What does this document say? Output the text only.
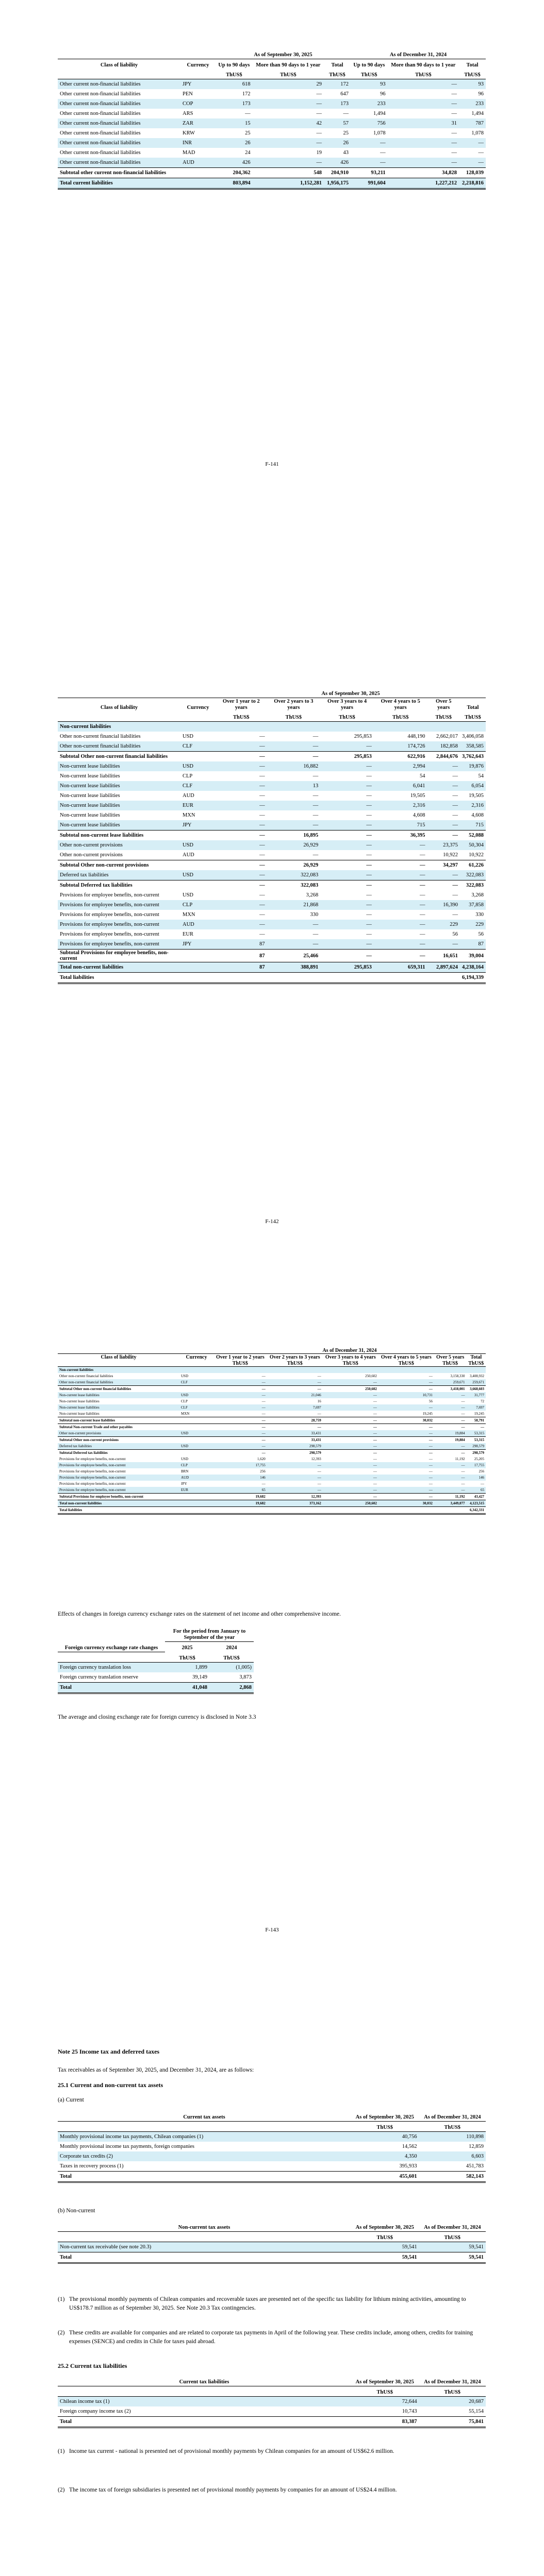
		As of September 30, 2025			As of December 31, 2024		
Class of liability	Currency	Up to 90 days	More than 90 days to 1 year	Total	Up to 90 days	More than 90 days to 1 year	Total
		ThUS$	ThUS$	ThUS$	ThUS$	ThUS$	ThUS$
Other current non-financial liabilities	JPY	618	29	172	93	—	93
Other current non-financial liabilities	PEN	172	—	647	96	—	96
Other current non-financial liabilities	COP	173	—	173	233	—	233
Other current non-financial liabilities	ARS	—	—	—	1,494	—	1,494
Other current non-financial liabilities	ZAR	15	42	57	756	31	787
Other current non-financial liabilities	KRW	25	—	25	1,078	—	1,078
Other current non-financial liabilities	INR	26	—	26	—	—	—
Other current non-financial liabilities	MAD	24	19	43	—	—	—
Other current non-financial liabilities	AUD	426	—	426	—	—	—
Subtotal other current non-financial liabilities		204,362	548	204,910	93,211	34,828	128,039
Total current liabilities		803,894	1,152,281	1,956,175	991,604	1,227,212	2,218,816
F-141
		As of September 30, 2025					
Class of liability	Currency	Over 1 year to 2 years	Over 2 years to 3 years	Over 3 years to 4 years	Over 4 years to 5 years	Over 5 years	Total
		ThUS$	ThUS$	ThUS$	ThUS$	ThUS$	ThUS$
Non-current liabilities							
Other non-current financial liabilities	USD	—	—	295,853	448,190	2,662,017	3,406,058
Other non-current financial liabilities	CLF	—	—	—	174,726	182,858	358,585
Subtotal Other non-current financial liabilities		—	—	295,853	622,916	2,844,676	3,762,643
Non-current lease liabilities	USD	—	16,882	—	2,994	—	19,876
Non-current lease liabilities	CLP	—	—	—	54	—	54
Non-current lease liabilities	CLF	—	13	—	6,041	—	6,054
Non-current lease liabilities	AUD	—	—	—	19,505	—	19,505
Non-current lease liabilities	EUR	—	—	—	2,316	—	2,316
Non-current lease liabilities	MXN	—	—	—	4,608	—	4,608
Non-current lease liabilities	JPY	—	—	—	715	—	715
Subtotal non-current lease liabilities		—	16,895	—	36,395	—	52,088
Other non-current provisions	USD	—	26,929	—	—	23,375	50,304
Other non-current provisions	AUD	—	—	—	—	10,922	10,922
Subtotal Other non-current provisions		—	26,929	—	—	34,297	61,226
Deferred tax liabilities	USD	—	322,083	—	—	—	322,083
Subtotal Deferred tax liabilities		—	322,083	—	—	—	322,083
Provisions for employee benefits, non-current	USD	—	3,268	—	—	—	3,268
Provisions for employee benefits, non-current	CLP	—	21,868	—	—	16,390	37,858
Provisions for employee benefits, non-current	MXN	—	330	—	—	—	330
Provisions for employee benefits, non-current	AUD	—	—	—	—	229	229
Provisions for employee benefits, non-current	EUR	—	—	—	—	56	56
Provisions for employee benefits, non-current	JPY	87	—	—	—	—	87
Subtotal Provisions for employee benefits, non-current		87	25,466	—	—	16,651	39,004
Total non-current liabilities		87	388,891	295,853	659,311	2,897,624	4,238,164
Total liabilities							6,194,339
F-142
		As of December 31, 2024					
Class of liability	Currency	Over 1 year to 2 years	Over 2 years to 3 years	Over 3 years to 4 years	Over 4 years to 5 years	Over 5 years	Total
		ThUS$	ThUS$	ThUS$	ThUS$	ThUS$	ThUS$
Non-current liabilities							
Other non-current financial liabilities	USD	—	—	250,602	—	3,158,330	3,408,932
Other non-current financial liabilities	CLF	—	—	—	—	259,671	259,671
Subtotal Other non-current financial liabilities		—	—	250,602	—	3,418,001	3,668,603
Non-current lease liabilities	USD	—	21,046	—	10,731	—	31,777
Non-current lease liabilities	CLP	—	16	—	56	—	72
Non-current lease liabilities	CLF	—	7,697	—	—	—	7,697
Non-current lease liabilities	MXN	—	—	—	19,245	—	19,245
Subtotal non-current lease liabilities		—	28,759	—	30,032	—	58,791
Subtotal Non-current Trade and other payables		—	—	—	—	—	—
Other non-current provisions	USD	—	33,431	—	—	19,884	53,315
Subtotal Other non-current provisions		—	33,431	—	—	19,884	53,315
Deferred tax liabilities	USD	—	298,579	—	—	—	298,579
Subtotal Deferred tax liabilities		—	298,579	—	—	—	298,579
Provisions for employee benefits, non-current	USD	1,620	12,393	—	—	11,192	25,205
Provisions for employee benefits, non-current	CLP	17,755	—	—	—	—	17,755
Provisions for employee benefits, non-current	BRN	256	—	—	—	—	256
Provisions for employee benefits, non-current	AUD	146	—	—	—	—	146
Provisions for employee benefits, non-current	JPY	—	—	—	—	—	—
Provisions for employee benefits, non-current	EUR	65	—	—	—	—	65
Subtotal Provisions for employee benefits, non-current		19,682	12,393	—	—	11,192	43,427
Total non-current liabilities		19,682	373,162	250,602	30,032	3,449,077	4,123,515
Total liabilities							6,342,331
Effects of changes in foreign currency exchange rates on the statement of net income and other comprehensive income.
Foreign currency exchange rate changes	For the period from January to September of the year	
	2025	2024
	ThUS$	ThUS$
Foreign currency translation loss	1,899	(1,005)
Foreign currency translation reserve	39,149	3,873
Total	41,048	2,868
The average and closing exchange rate for foreign currency is disclosed in Note 3.3
F-143
Note 25 Income tax and deferred taxes
Tax receivables as of September 30, 2025, and December 31, 2024, are as follows:
25.1 Current and non-current tax assets
(a) Current
Current tax assets	As of September 30, 2025	As of December 31, 2024
	ThUS$	ThUS$
Monthly provisional income tax payments, Chilean companies (1)	40,756	110,898
Monthly provisional income tax payments, foreign companies	14,562	12,859
Corporate tax credits (2)	4,350	6,603
Taxes in recovery process (1)	395,933	451,783
Total	455,601	582,143
(b) Non-current
Non-current tax assets	As of September 30, 2025	As of December 31, 2024
	ThUS$	ThUS$
Non-current tax receivable (see note 20.3)	59,541	59,541
Total	59,541	59,541
(1) The provisional monthly payments of Chilean companies and recoverable taxes are presented net of the specific tax liability for lithium mining activities, amounting to US$178.7 million as of September 30, 2025. See Note 20.3 Tax contingencies.
(2) These credits are available for companies and are related to corporate tax payments in April of the following year. These credits include, among others, credits for training expenses (SENCE) and credits in Chile for taxes paid abroad.
25.2 Current tax liabilities
Current tax liabilities	As of September 30, 2025	As of December 31, 2024
	ThUS$	ThUS$
Chilean income tax (1)	72,644	20,687
Foreign company income tax (2)	10,743	55,154
Total	83,387	75,841
(1) Income tax current - national is presented net of provisional monthly payments by Chilean companies for an amount of US$62.6 million.
(2) The income tax of foreign subsidiaries is presented net of provisional monthly payments by companies for an amount of US$24.4 million.
